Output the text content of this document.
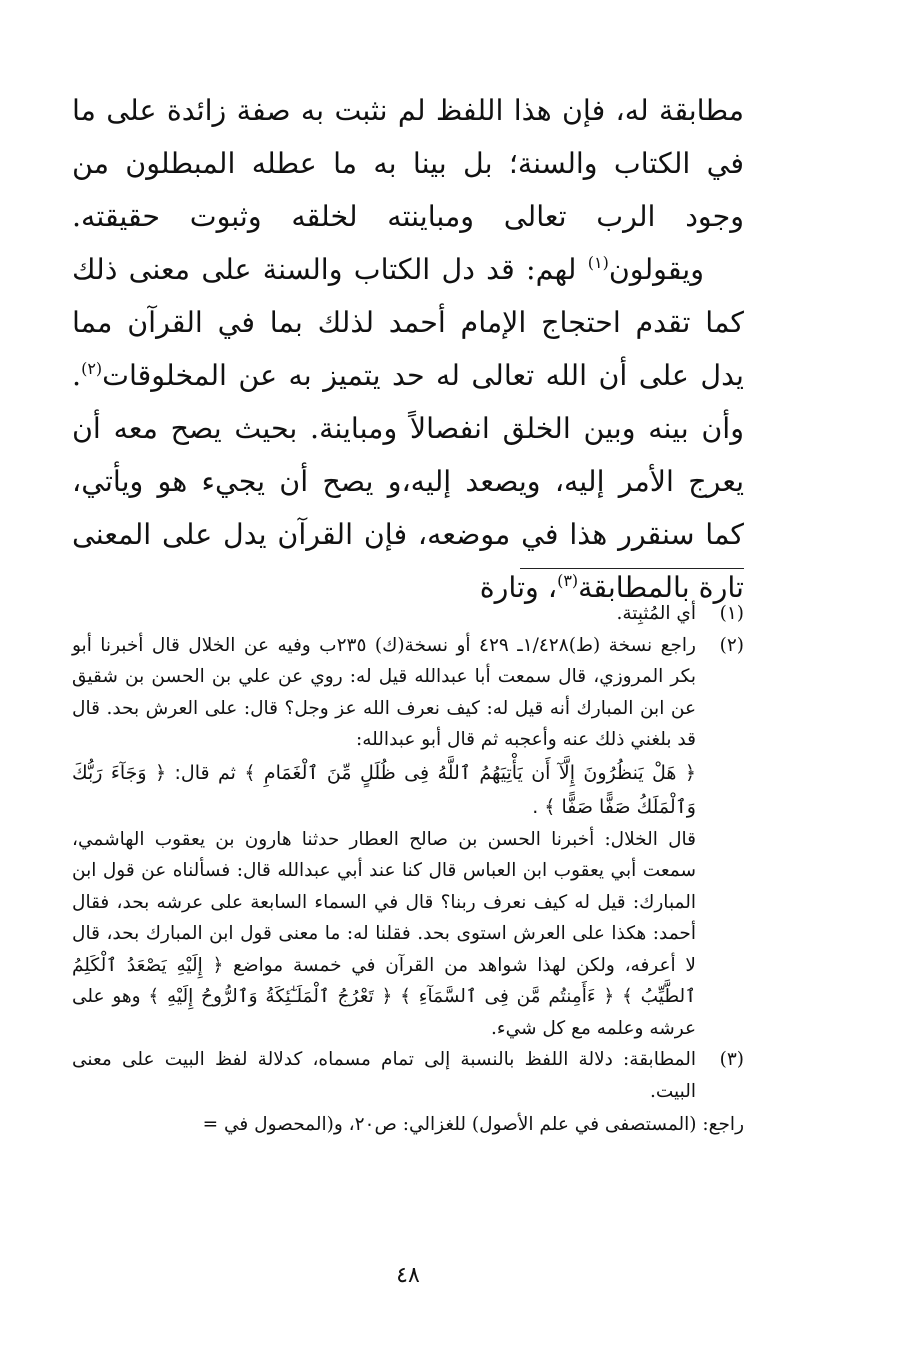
مطابقة له، فإن هذا اللفظ لم نثبت به صفة زائدة على ما في الكتاب والسنة؛ بل بينا به ما عطله المبطلون من وجود الرب تعالى ومباينته لخلقه وثبوت حقيقته.

ويقولون$^{(١)}$ لهم: قد دل الكتاب والسنة على معنى ذلك كما تقدم احتجاج الإمام أحمد لذلك بما في القرآن مما يدل على أن الله تعالى له حد يتميز به عن المخلوقات$^{(٢)}$. وأن بينه وبين الخلق انفصالاً ومباينة. بحيث يصح معه أن يعرج الأمر إليه، ويصعد إليه،و يصح أن يجيء هو ويأتي، كما سنقرر هذا في موضعه، فإن القرآن يدل على المعنى تارة بالمطابقة$^{(٣)}$، وتارة

(١)

أي المُثبِتة.

(٢)

راجع نسخة (ط)١/٤٢٨ـ ٤٢٩ أو نسخة(ك) ٢٣٥ب وفيه عن الخلال قال أخبرنا أبو بكر المروزي، قال سمعت أبا عبدالله قيل له: روي عن علي بن الحسن بن شقيق عن ابن المبارك أنه قيل له: كيف نعرف الله عز وجل؟ قال: على العرش بحد. قال قد بلغني ذلك عنه وأعجبه ثم قال أبو عبدالله:

﴿ هَلْ يَنظُرُونَ إِلَّآ أَن يَأْتِيَهُمُ ٱللَّهُ فِى ظُلَلٍ مِّنَ ٱلْغَمَامِ ﴾ ثم قال: ﴿ وَجَآءَ رَبُّكَ وَٱلْمَلَكُ صَفًّا صَفًّا ﴾ .

قال الخلال: أخبرنا الحسن بن صالح العطار حدثنا هارون بن يعقوب الهاشمي، سمعت أبي يعقوب ابن العباس قال كنا عند أبي عبدالله قال: فسألناه عن قول ابن المبارك: قيل له كيف نعرف ربنا؟ قال في السماء السابعة على عرشه بحد، فقال أحمد: هكذا على العرش استوى بحد. فقلنا له: ما معنى قول ابن المبارك بحد، قال لا أعرفه، ولكن لهذا شواهد من القرآن في خمسة مواضع ﴿ إِلَيْهِ يَصْعَدُ ٱلْكَلِمُ ٱلطَّيِّبُ ﴾ ﴿ ءَأَمِنتُم مَّن فِى ٱلسَّمَآءِ ﴾ ﴿ تَعْرُجُ ٱلْمَلَـٰٓئِكَةُ وَٱلرُّوحُ إِلَيْهِ ﴾ وهو على عرشه وعلمه مع كل شيء.

(٣)

المطابقة: دلالة اللفظ بالنسبة إلى تمام مسماه، كدلالة لفظ البيت على معنى البيت.

راجع: (المستصفى في علم الأصول) للغزالي: ص٢٠، و(المحصول في =

٤٨
